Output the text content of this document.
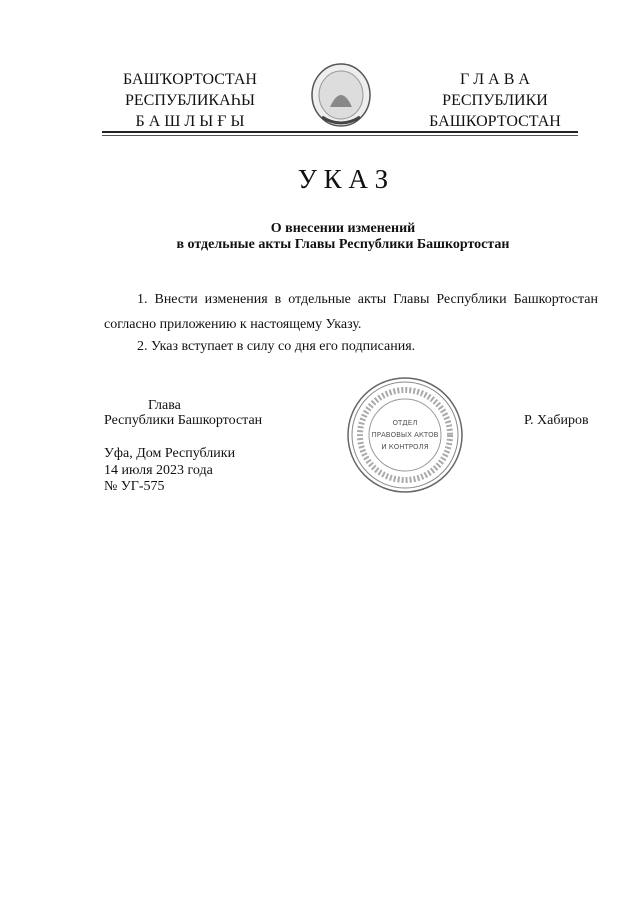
БАШҠОРТОСТАН
РЕСПУБЛИКАҺЫ
Б А Ш Л Ы Ғ Ы
Г Л А В А
РЕСПУБЛИКИ
БАШКОРТОСТАН
У К А З
О внесении изменений
в отдельные акты Главы Республики Башкортостан
1. Внести изменения в отдельные акты Главы Республики Башкортостан согласно приложению к настоящему Указу.
2. Указ вступает в силу со дня его подписания.
Глава
Республики Башкортостан	Р. Хабиров
ОТДЕЛ
ПРАВОВЫХ АКТОВ
И КОНТРОЛЯ
Уфа, Дом Республики
14 июля 2023 года
№ УГ-575
